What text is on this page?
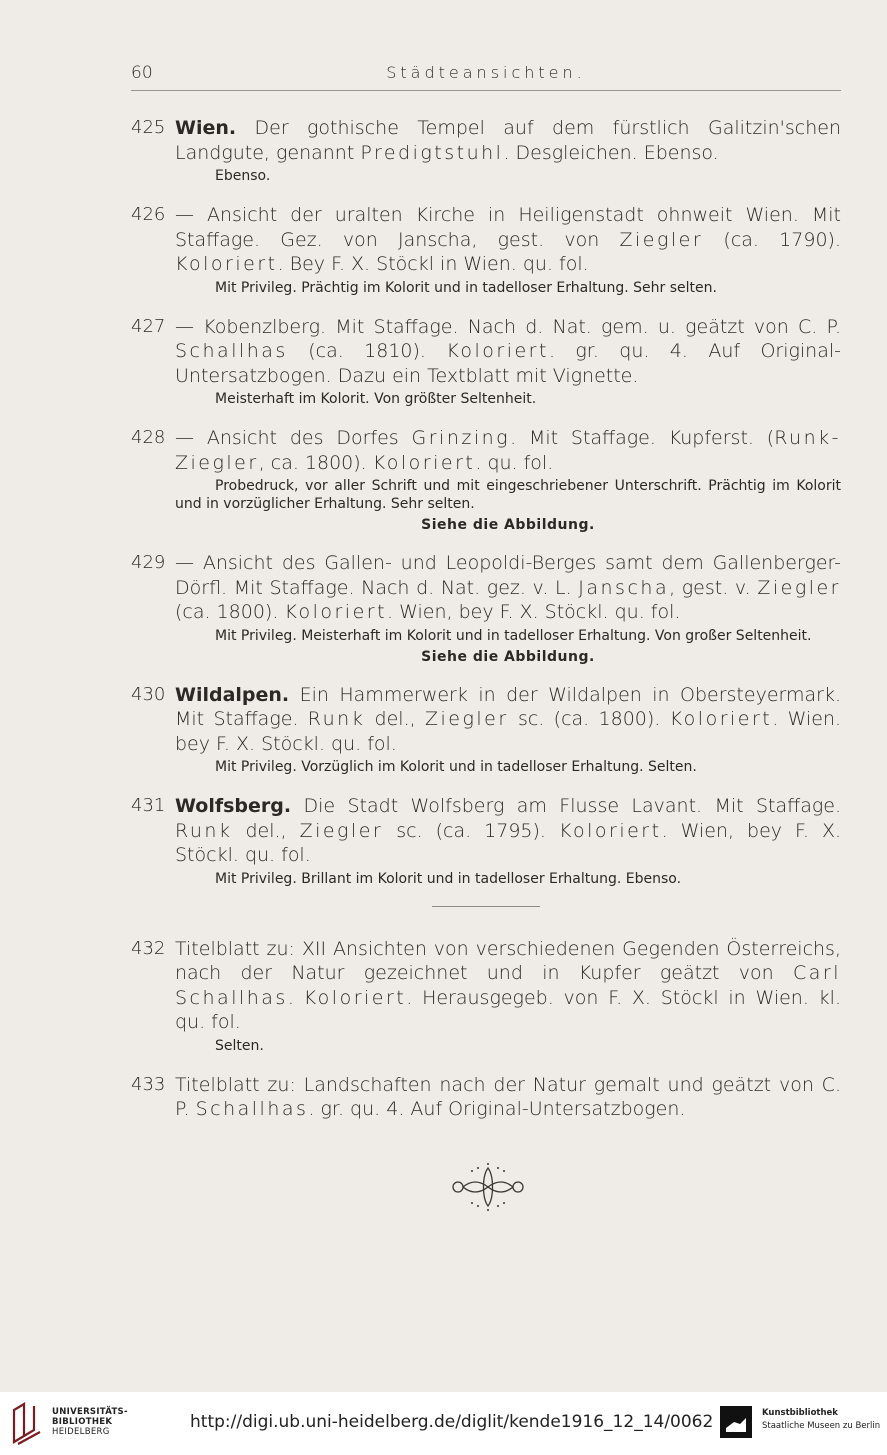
60	Städteansichten.
425 Wien. Der gothische Tempel auf dem fürstlich Galitzin'schen Landgute, genannt Predigtstuhl. Desgleichen. Ebenso.
Ebenso.
426 — Ansicht der uralten Kirche in Heiligenstadt ohnweit Wien. Mit Staffage. Gez. von Janscha, gest. von Ziegler (ca. 1790). Koloriert. Bey F. X. Stöckl in Wien. qu. fol.
Mit Privileg. Prächtig im Kolorit und in tadelloser Erhaltung. Sehr selten.
427 — Kobenzlberg. Mit Staffage. Nach d. Nat. gem. u. geätzt von C. P. Schallhas (ca. 1810). Koloriert. gr. qu. 4. Auf Original-Untersatzbogen. Dazu ein Textblatt mit Vignette.
Meisterhaft im Kolorit. Von größter Seltenheit.
428 — Ansicht des Dorfes Grinzing. Mit Staffage. Kupferst. (Runk-Ziegler, ca. 1800). Koloriert. qu. fol.
Probedruck, vor aller Schrift und mit eingeschriebener Unterschrift. Prächtig im Kolorit und in vorzüglicher Erhaltung. Sehr selten.
Siehe die Abbildung.
429 — Ansicht des Gallen- und Leopoldi-Berges samt dem Gallenberger-Dörfl. Mit Staffage. Nach d. Nat. gez. v. L. Janscha, gest. v. Ziegler (ca. 1800). Koloriert. Wien, bey F. X. Stöckl. qu. fol.
Mit Privileg. Meisterhaft im Kolorit und in tadelloser Erhaltung. Von großer Seltenheit.
Siehe die Abbildung.
430 Wildalpen. Ein Hammerwerk in der Wildalpen in Obersteyermark. Mit Staffage. Runk del., Ziegler sc. (ca. 1800). Koloriert. Wien. bey F. X. Stöckl. qu. fol.
Mit Privileg. Vorzüglich im Kolorit und in tadelloser Erhaltung. Selten.
431 Wolfsberg. Die Stadt Wolfsberg am Flusse Lavant. Mit Staffage. Runk del., Ziegler sc. (ca. 1795). Koloriert. Wien, bey F. X. Stöckl. qu. fol.
Mit Privileg. Brillant im Kolorit und in tadelloser Erhaltung. Ebenso.
432 Titelblatt zu: XII Ansichten von verschiedenen Gegenden Österreichs, nach der Natur gezeichnet und in Kupfer geätzt von Carl Schallhas. Koloriert. Herausgegeb. von F. X. Stöckl in Wien. kl. qu. fol.
Selten.
433 Titelblatt zu: Landschaften nach der Natur gemalt und geätzt von C. P. Schallhas. gr. qu. 4. Auf Original-Untersatzbogen.
UNIVERSITÄTS-
BIBLIOTHEK
HEIDELBERG	http://digi.ub.uni-heidelberg.de/diglit/kende1916_12_14/0062	Kunstbibliothek
Staatliche Museen zu Berlin
